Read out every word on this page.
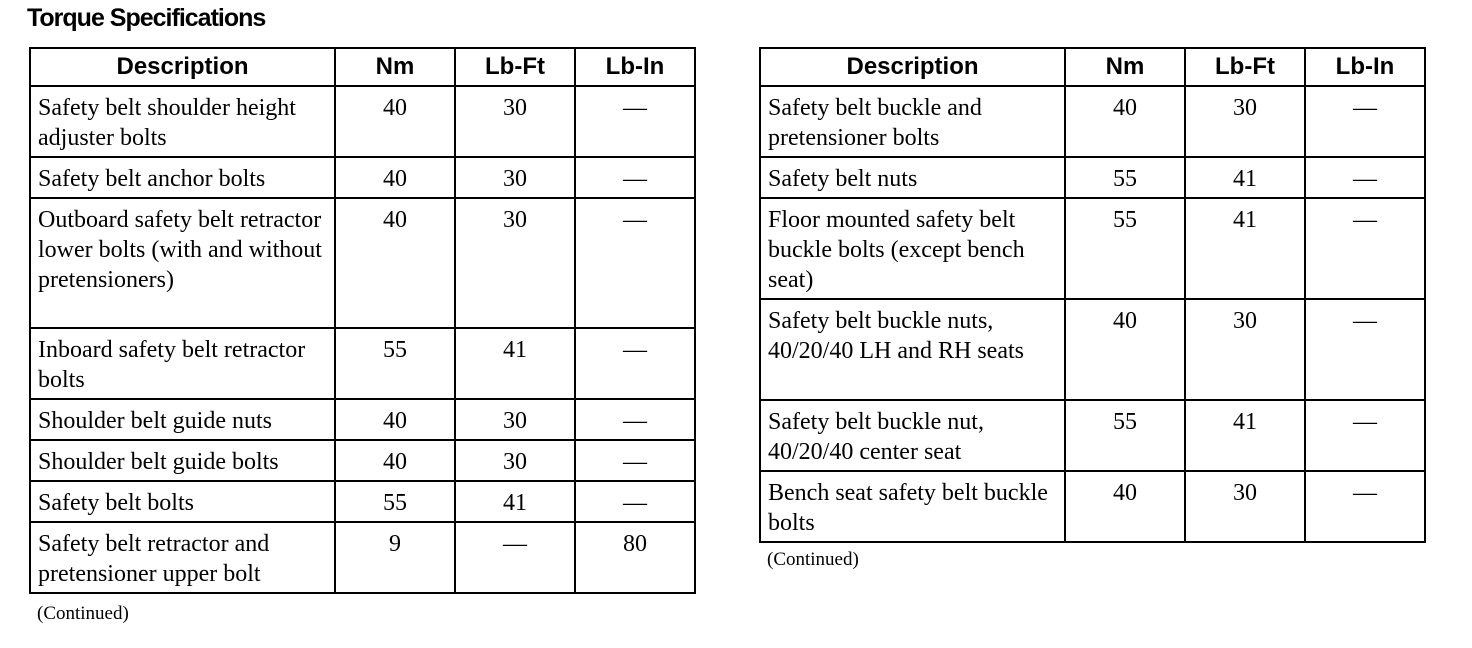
Torque Specifications
Description	Nm	Lb-Ft	Lb-In
Safety belt shoulder height adjuster bolts	40	30	—
Safety belt anchor bolts	40	30	—
Outboard safety belt retractor lower bolts (with and without pretensioners)	40	30	—
Inboard safety belt retractor bolts	55	41	—
Shoulder belt guide nuts	40	30	—
Shoulder belt guide bolts	40	30	—
Safety belt bolts	55	41	—
Safety belt retractor and pretensioner upper bolt	9	—	80
(Continued)
Description	Nm	Lb-Ft	Lb-In
Safety belt buckle and pretensioner bolts	40	30	—
Safety belt nuts	55	41	—
Floor mounted safety belt buckle bolts (except bench seat)	55	41	—
Safety belt buckle nuts, 40/20/40 LH and RH seats	40	30	—
Safety belt buckle nut, 40/20/40 center seat	55	41	—
Bench seat safety belt buckle bolts	40	30	—
(Continued)
